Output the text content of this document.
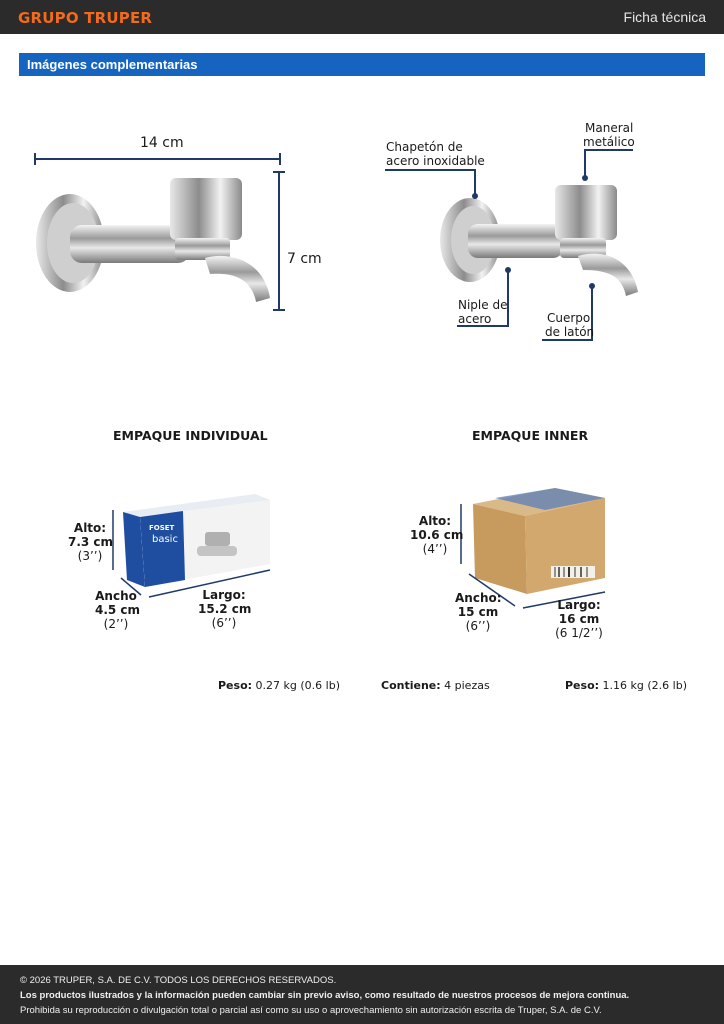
GRUPO TRUPER	Ficha técnica
Imágenes complementarias
14 cm
7 cm
Chapetón de
acero inoxidable
Maneral
metálico
Niple de
acero	Cuerpo
de latón
EMPAQUE INDIVIDUAL	EMPAQUE INNER
FOSET
basic
Alto:
7.3 cm
(3’’)
Ancho
4.5 cm
(2’’)
Largo:
15.2 cm
(6’’)
Alto:
10.6 cm
(4’’)
Ancho:
15 cm
(6’’)
Largo:
16 cm
(6 1/2’’)
Peso: 0.27 kg (0.6 lb)	Contiene: 4 piezas	Peso: 1.16 kg (2.6 lb)
© 2026 TRUPER, S.A. DE C.V. TODOS LOS DERECHOS RESERVADOS.
Los productos ilustrados y la información pueden cambiar sin previo aviso, como resultado de nuestros procesos de mejora continua.
Prohibida su reproducción o divulgación total o parcial así como su uso o aprovechamiento sin autorización escrita de Truper, S.A. de C.V.
